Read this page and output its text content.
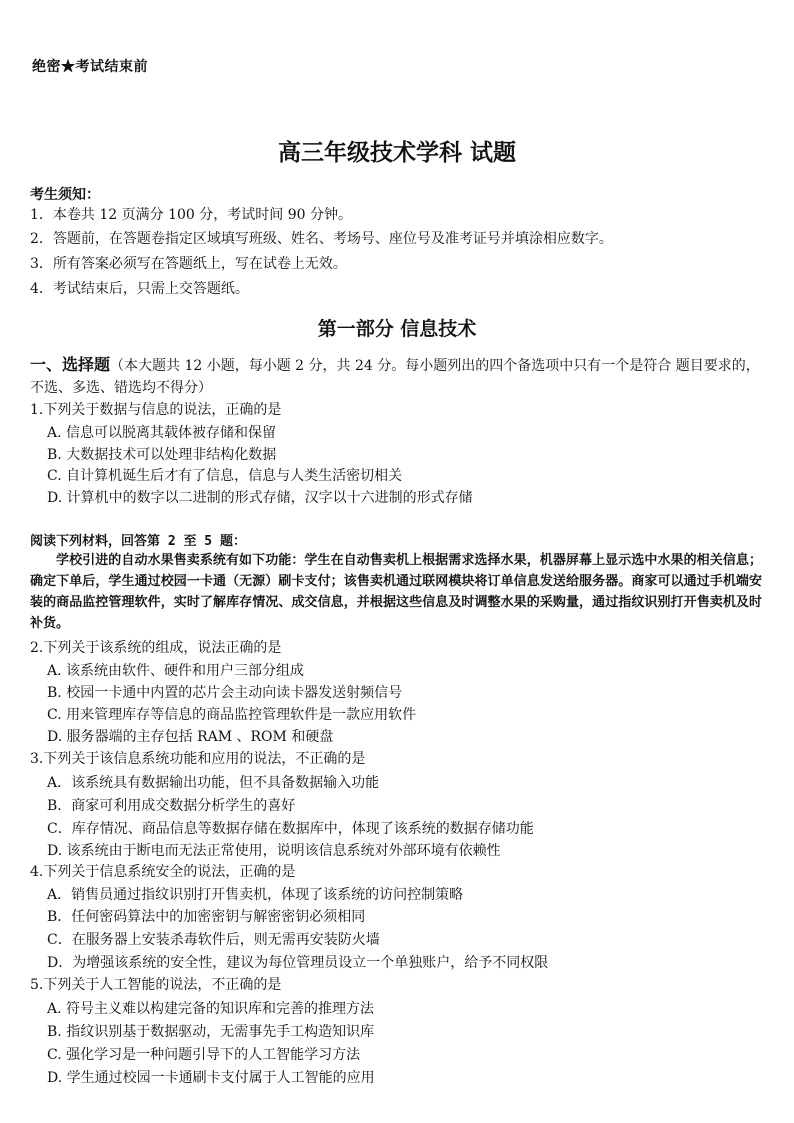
绝密★考试结束前
高三年级技术学科 试题
考生须知：
1．本卷共 12 页满分 100 分，考试时间 90 分钟。
2．答题前，在答题卷指定区域填写班级、姓名、考场号、座位号及准考证号并填涂相应数字。
3．所有答案必须写在答题纸上，写在试卷上无效。
4．考试结束后，只需上交答题纸。
第一部分 信息技术
一、选择题（本大题共 12 小题，每小题 2 分，共 24 分。每小题列出的四个备选项中只有一个是符合 题目要求的，不选、多选、错选均不得分）
1.下列关于数据与信息的说法，正确的是
A. 信息可以脱离其载体被存储和保留
B. 大数据技术可以处理非结构化数据
C. 自计算机诞生后才有了信息，信息与人类生活密切相关
D. 计算机中的数字以二进制的形式存储，汉字以十六进制的形式存储
阅读下列材料，回答第 2 至 5 题：
学校引进的自动水果售卖系统有如下功能：学生在自动售卖机上根据需求选择水果，机器屏幕上显示选中水果的相关信息；确定下单后，学生通过校园一卡通（无源）刷卡支付；该售卖机通过联网模块将订单信息发送给服务器。商家可以通过手机端安装的商品监控管理软件，实时了解库存情况、成交信息，并根据这些信息及时调整水果的采购量，通过指纹识别打开售卖机及时补货。
2.下列关于该系统的组成，说法正确的是
A. 该系统由软件、硬件和用户三部分组成
B. 校园一卡通中内置的芯片会主动向读卡器发送射频信号
C. 用来管理库存等信息的商品监控管理软件是一款应用软件
D. 服务器端的主存包括 RAM 、ROM 和硬盘
3.下列关于该信息系统功能和应用的说法，不正确的是
A．该系统具有数据输出功能，但不具备数据输入功能
B．商家可利用成交数据分析学生的喜好
C．库存情况、商品信息等数据存储在数据库中，体现了该系统的数据存储功能
D. 该系统由于断电而无法正常使用，说明该信息系统对外部环境有依赖性
4.下列关于信息系统安全的说法，正确的是
A．销售员通过指纹识别打开售卖机，体现了该系统的访问控制策略
B．任何密码算法中的加密密钥与解密密钥必须相同
C．在服务器上安装杀毒软件后，则无需再安装防火墙
D．为增强该系统的安全性，建议为每位管理员设立一个单独账户，给予不同权限
5.下列关于人工智能的说法，不正确的是
A. 符号主义难以构建完备的知识库和完善的推理方法
B. 指纹识别基于数据驱动，无需事先手工构造知识库
C. 强化学习是一种问题引导下的人工智能学习方法
D. 学生通过校园一卡通刷卡支付属于人工智能的应用
